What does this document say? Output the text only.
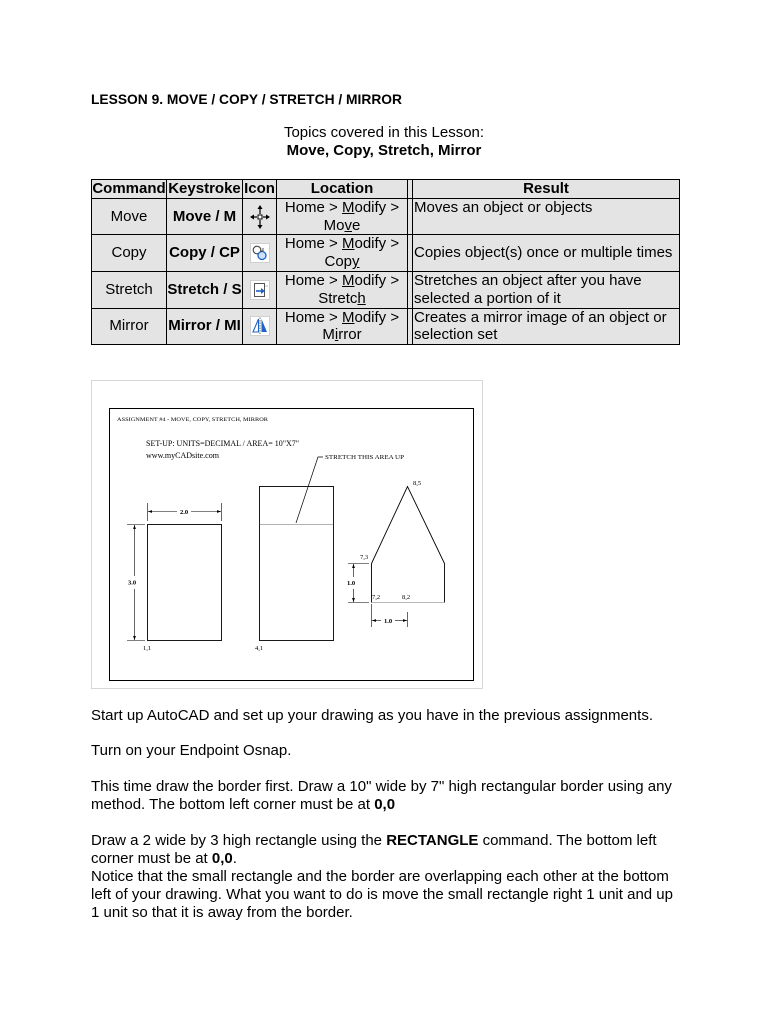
LESSON 9. MOVE / COPY / STRETCH / MIRROR
Topics covered in this Lesson:
Move, Copy, Stretch, Mirror
Command	Keystroke	Icon	Location		Result
Move	Move / M		Home > Modify > Move		Moves an object or objects
Copy	Copy / CP		Home > Modify > Copy		Copies object(s) once or multiple times
Stretch	Stretch / S		Home > Modify > Stretch		Stretches an object after you have selected a portion of it
Mirror	Mirror / MI		Home > Modify > Mirror		Creates a mirror image of an object or selection set
ASSIGNMENT #4 - MOVE, COPY, STRETCH, MIRROR
SET-UP: UNITS=DECIMAL / AREA= 10"X7"
www.myCADsite.com	STRETCH THIS AREA UP
2.0
3.0
1,1	4,1
8,5
7,3
7,2	8,2
1.0
1.0

Start up AutoCAD and set up your drawing as you have in the previous assignments.

Turn on your Endpoint Osnap.

This time draw the border first. Draw a 10" wide by 7" high rectangular border using any method. The bottom left corner must be at 0,0

Draw a 2 wide by 3 high rectangle using the RECTANGLE command. The bottom left corner must be at 0,0.

Notice that the small rectangle and the border are overlapping each other at the bottom left of your drawing. What you want to do is move the small rectangle right 1 unit and up 1 unit so that it is away from the border.
